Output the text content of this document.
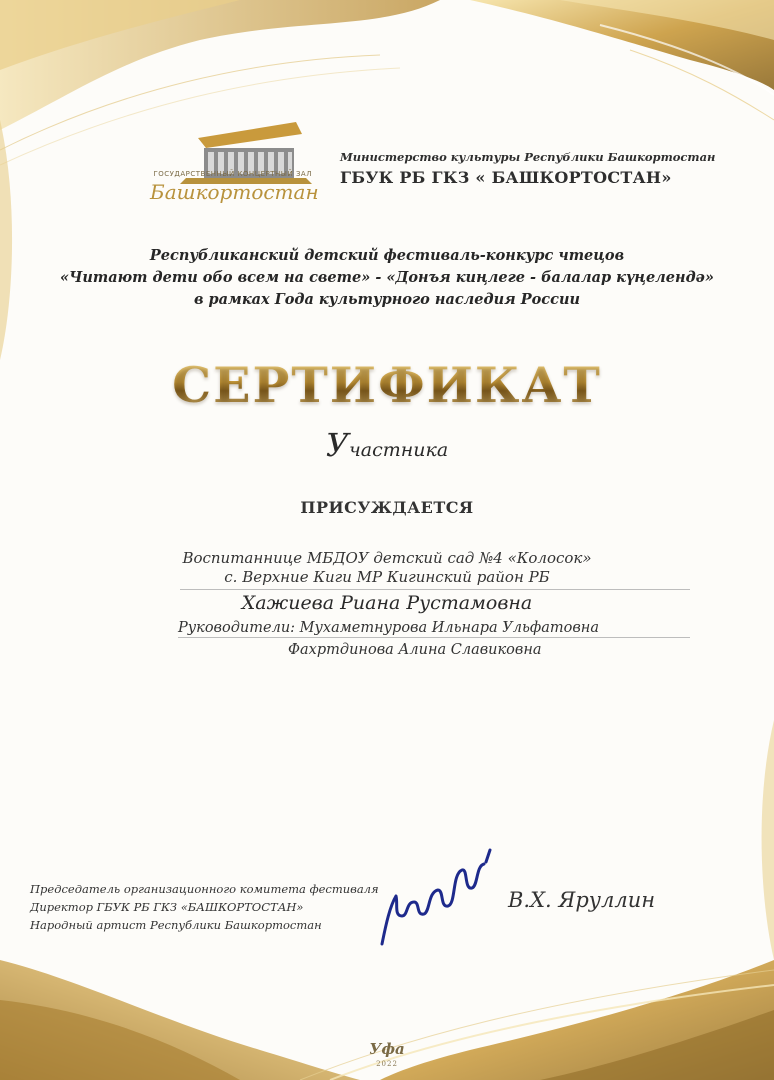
ГОСУДАРСТВЕННЫЙ КОНЦЕРТНЫЙ ЗАЛ
Башкортостан
Министерство культуры Республики Башкортостан
ГБУК РБ ГКЗ « БАШКОРТОСТАН»
Республиканский детский фестиваль-конкурс чтецов
«Читают дети обо всем на свете» - «Донъя киңлеге - балалар күңелендә»
в рамках Года культурного наследия России
СЕРТИФИКАТ
Участника
ПРИСУЖДАЕТСЯ
Воспитаннице МБДОУ детский сад №4 «Колосок»
с. Верхние Киги МР Кигинский район РБ
Хажиева Риана Рустамовна
Руководители: Мухаметнурова Ильнара Ульфатовна
Фахртдинова Алина Славиковна
Председатель организационного комитета фестиваля
Директор ГБУК РБ ГКЗ «БАШКОРТОСТАН»
Народный артист Республики Башкортостан
В.Х. Яруллин
Уфа
2022
